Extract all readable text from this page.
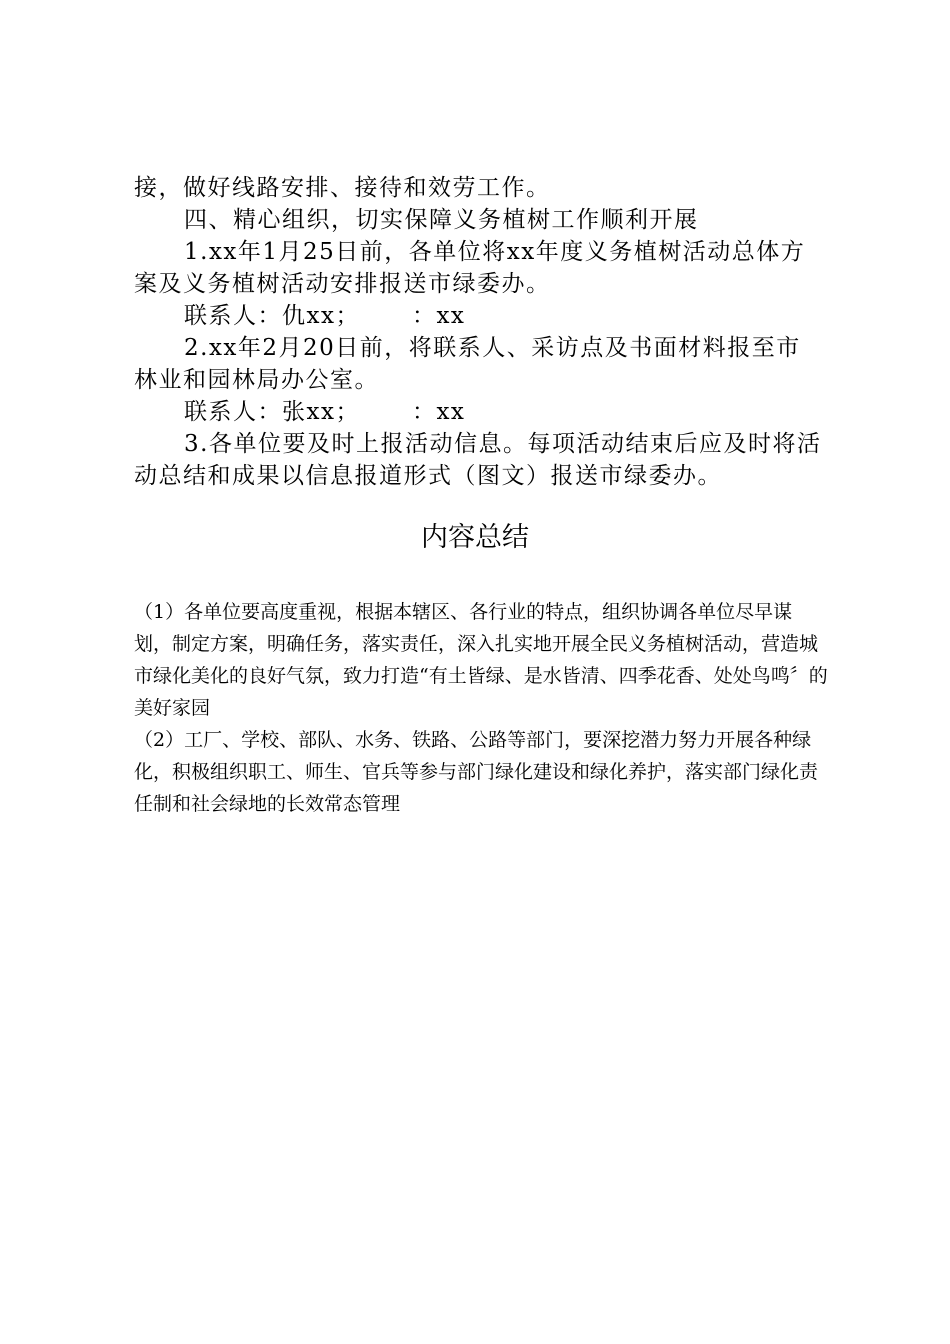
接，做好线路安排、接待和效劳工作。

四、精心组织，切实保障义务植树工作顺利开展

1.xx年1月25日前，各单位将xx年度义务植树活动总体方案及义务植树活动安排报送市绿委办。

联系人：仇xx； ：xx

2.xx年2月20日前，将联系人、采访点及书面材料报至市林业和园林局办公室。

联系人：张xx； ：xx

3.各单位要及时上报活动信息。每项活动结束后应及时将活动总结和成果以信息报道形式（图文）报送市绿委办。

内容总结

（1）各单位要高度重视，根据本辖区、各行业的特点，组织协调各单位尽早谋划，制定方案，明确任务，落实责任，深入扎实地开展全民义务植树活动，营造城市绿化美化的良好气氛，致力打造“有土皆绿、是水皆清、四季花香、处处鸟鸣〞的美好家园

（2）工厂、学校、部队、水务、铁路、公路等部门，要深挖潜力努力开展各种绿化，积极组织职工、师生、官兵等参与部门绿化建设和绿化养护，落实部门绿化责任制和社会绿地的长效常态管理
